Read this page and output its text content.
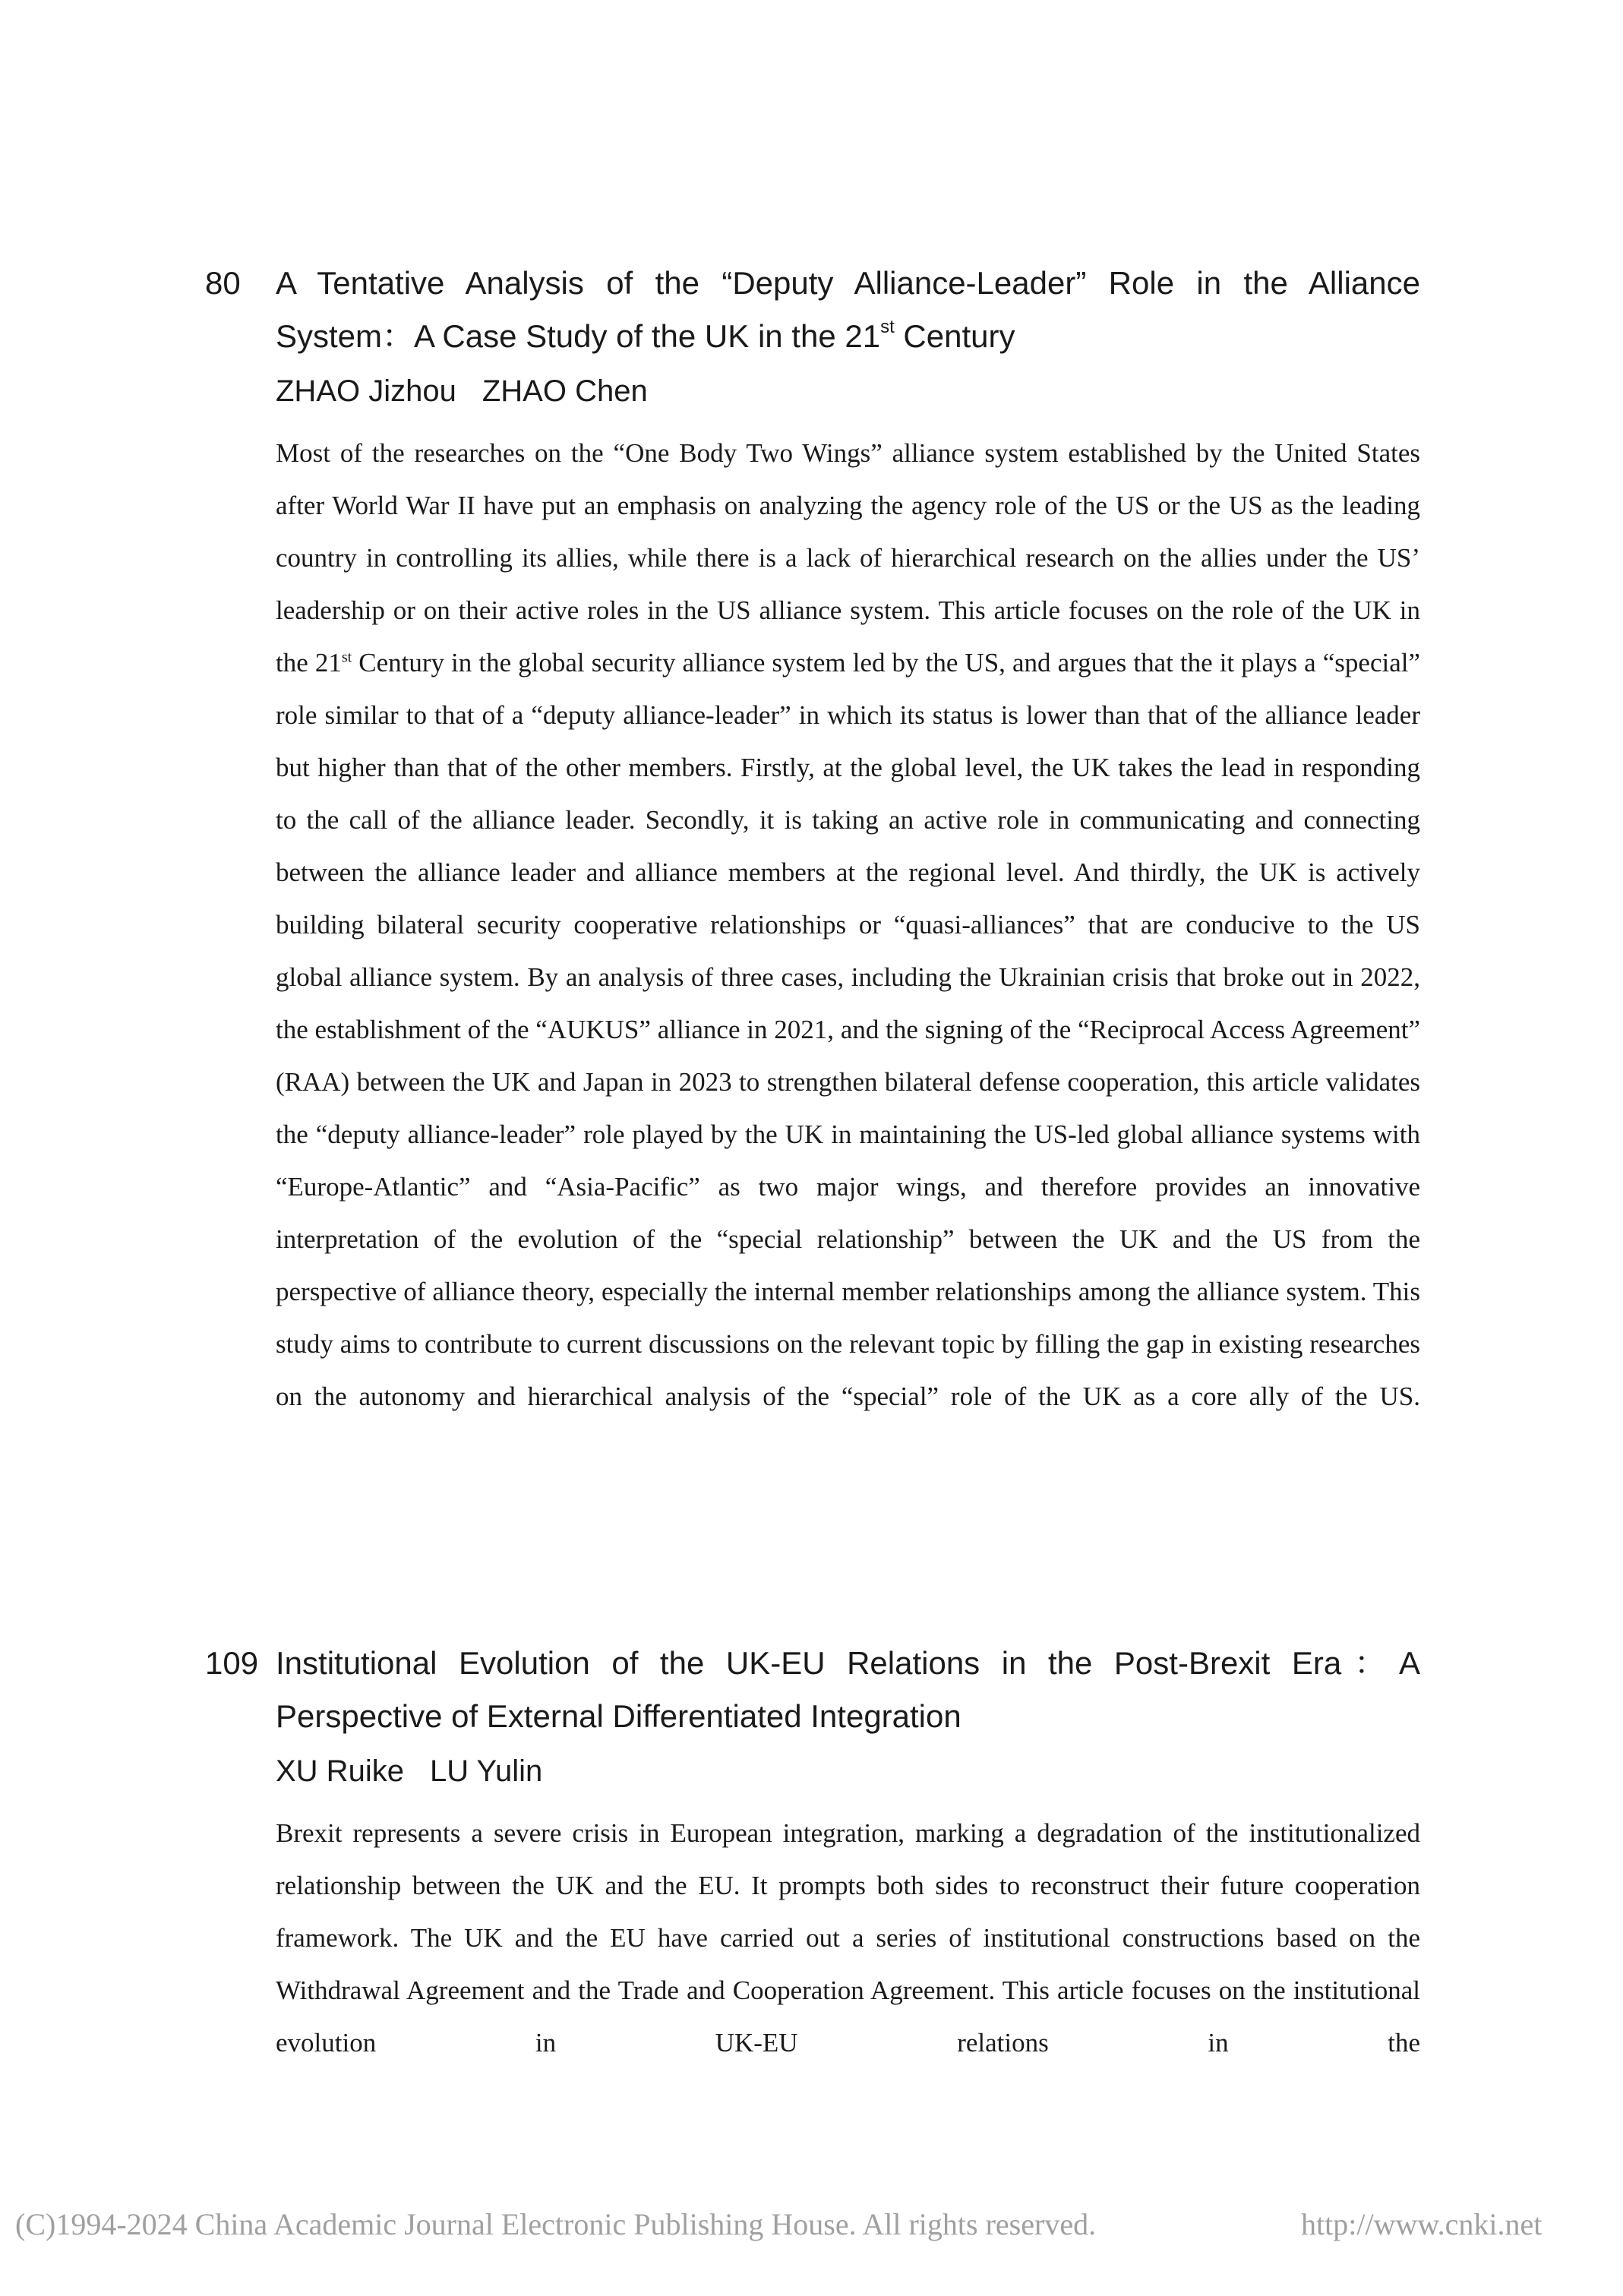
80 A Tentative Analysis of the “Deputy Alliance-Leader” Role in the Alliance System：A Case Study of the UK in the 21st Century
ZHAO Jizhou ZHAO Chen
Most of the researches on the “One Body Two Wings” alliance system established by the United States after World War II have put an emphasis on analyzing the agency role of the US or the US as the leading country in controlling its allies, while there is a lack of hierarchical research on the allies under the US’ leadership or on their active roles in the US alliance system. This article focuses on the role of the UK in the 21st Century in the global security alliance system led by the US, and argues that the it plays a “special” role similar to that of a “deputy alliance-leader” in which its status is lower than that of the alliance leader but higher than that of the other members. Firstly, at the global level, the UK takes the lead in responding to the call of the alliance leader. Secondly, it is taking an active role in communicating and connecting between the alliance leader and alliance members at the regional level. And thirdly, the UK is actively building bilateral security cooperative relationships or “quasi-alliances” that are conducive to the US global alliance system. By an analysis of three cases, including the Ukrainian crisis that broke out in 2022, the establishment of the “AUKUS” alliance in 2021, and the signing of the “Reciprocal Access Agreement” (RAA) between the UK and Japan in 2023 to strengthen bilateral defense cooperation, this article validates the “deputy alliance-leader” role played by the UK in maintaining the US-led global alliance systems with “Europe-Atlantic” and “Asia-Pacific” as two major wings, and therefore provides an innovative interpretation of the evolution of the “special relationship” between the UK and the US from the perspective of alliance theory, especially the internal member relationships among the alliance system. This study aims to contribute to current discussions on the relevant topic by filling the gap in existing researches on the autonomy and hierarchical analysis of the “special” role of the UK as a core ally of the US.
109 Institutional Evolution of the UK-EU Relations in the Post-Brexit Era：A Perspective of External Differentiated Integration
XU Ruike LU Yulin
Brexit represents a severe crisis in European integration, marking a degradation of the institutionalized relationship between the UK and the EU. It prompts both sides to reconstruct their future cooperation framework. The UK and the EU have carried out a series of institutional constructions based on the Withdrawal Agreement and the Trade and Cooperation Agreement. This article focuses on the institutional evolution in UK-EU relations in the
(C)1994-2024 China Academic Journal Electronic Publishing House. All rights reserved.	http://www.cnki.net
